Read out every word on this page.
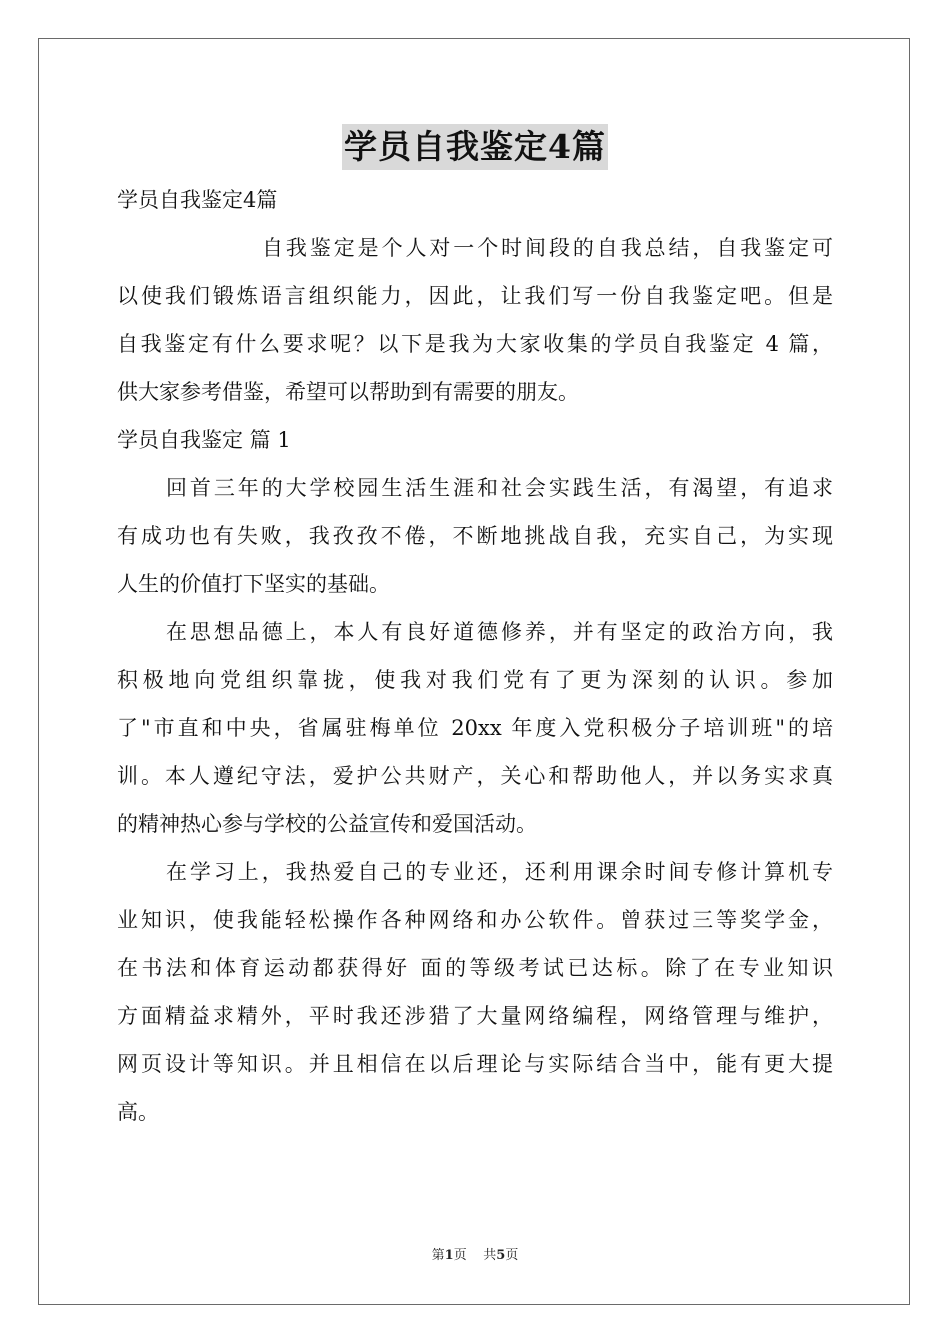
学员自我鉴定4篇
学员自我鉴定4篇
自我鉴定是个人对一个时间段的自我总结，自我鉴定可
以使我们锻炼语言组织能力，因此，让我们写一份自我鉴定吧。但是
自我鉴定有什么要求呢？以下是我为大家收集的学员自我鉴定 4 篇，
供大家参考借鉴，希望可以帮助到有需要的朋友。
学员自我鉴定 篇 1
回首三年的大学校园生活生涯和社会实践生活，有渴望，有追求
有成功也有失败，我孜孜不倦，不断地挑战自我，充实自己，为实现
人生的价值打下坚实的基础。
在思想品德上，本人有良好道德修养，并有坚定的政治方向，我
积极地向党组织靠拢，使我对我们党有了更为深刻的认识。参加
了"市直和中央，省属驻梅单位 20xx 年度入党积极分子培训班"的培
训。本人遵纪守法，爱护公共财产，关心和帮助他人，并以务实求真
的精神热心参与学校的公益宣传和爱国活动。
在学习上，我热爱自己的专业还，还利用课余时间专修计算机专
业知识，使我能轻松操作各种网络和办公软件。曾获过三等奖学金，
在书法和体育运动都获得好 面的等级考试已达标。除了在专业知识
方面精益求精外，平时我还涉猎了大量网络编程，网络管理与维护，
网页设计等知识。并且相信在以后理论与实际结合当中，能有更大提
高。
第1页 共5页
